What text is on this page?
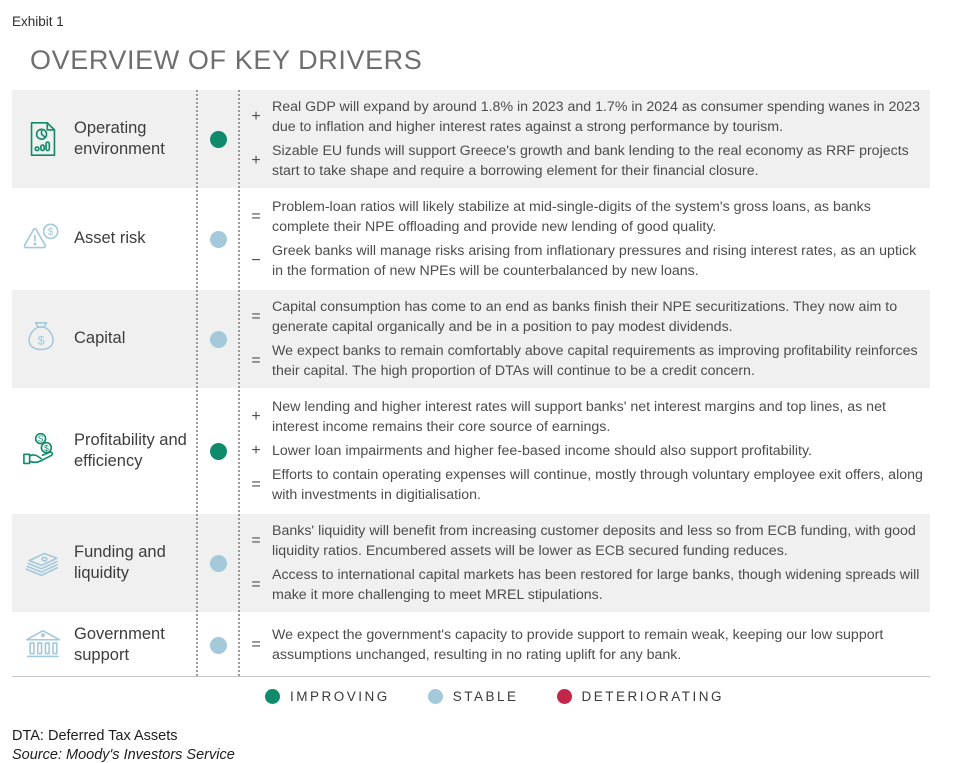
Exhibit 1
OVERVIEW OF KEY DRIVERS
Operating environment
+
Real GDP will expand by around 1.8% in 2023 and 1.7% in 2024 as consumer spending wanes in 2023 due to inflation and higher interest rates against a strong performance by tourism.
+
Sizable EU funds will support Greece's growth and bank lending to the real economy as RRF projects start to take shape and require a borrowing element for their financial closure.
$ Asset risk
=
Problem-loan ratios will likely stabilize at mid-single-digits of the system's gross loans, as banks complete their NPE offloading and provide new lending of good quality.
−
Greek banks will manage risks arising from inflationary pressures and rising interest rates, as an uptick in the formation of new NPEs will be counterbalanced by new loans.
$ Capital
=
Capital consumption has come to an end as banks finish their NPE securitizations. They now aim to generate capital organically and be in a position to pay modest dividends.
=
We expect banks to remain comfortably above capital requirements as improving profitability reinforces their capital. The high proportion of DTAs will continue to be a credit concern.
S
$ Profitability and efficiency
+
New lending and higher interest rates will support banks' net interest margins and top lines, as net interest income remains their core source of earnings.
+ Lower loan impairments and higher fee-based income should also support profitability.
=
Efforts to contain operating expenses will continue, mostly through voluntary employee exit offers, along with investments in digitialisation.
Funding and liquidity
=
Banks' liquidity will benefit from increasing customer deposits and less so from ECB funding, with good liquidity ratios. Encumbered assets will be lower as ECB secured funding reduces.
=
Access to international capital markets has been restored for large banks, though widening spreads will make it more challenging to meet MREL stipulations.
Government support
=
We expect the government's capacity to provide support to remain weak, keeping our low support assumptions unchanged, resulting in no rating uplift for any bank.
IMPROVING	STABLE	DETERIORATING
DTA: Deferred Tax Assets
Source: Moody's Investors Service
